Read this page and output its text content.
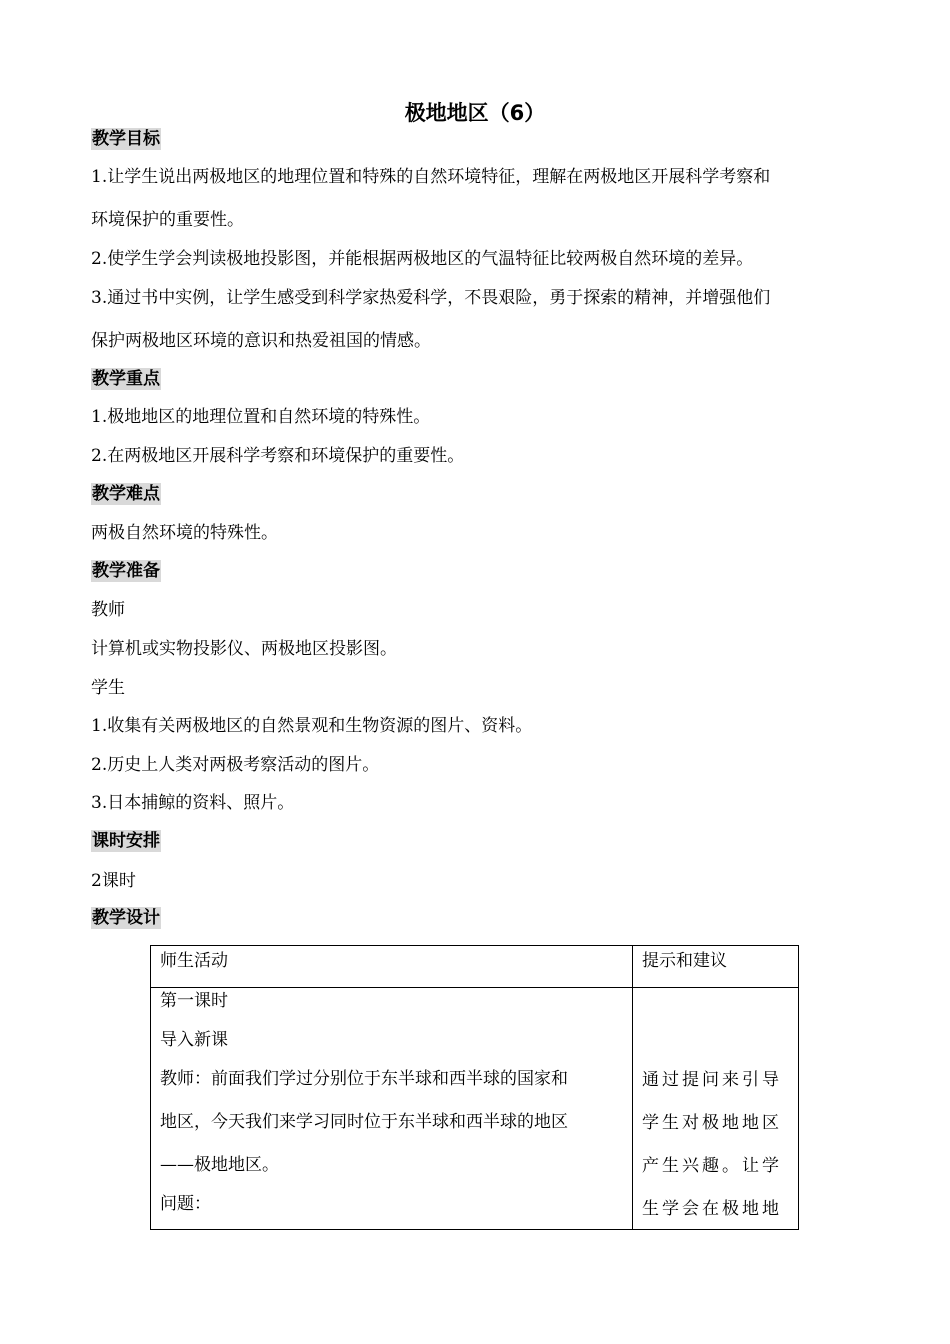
极地地区（6）
教学目标
1.让学生说出两极地区的地理位置和特殊的自然环境特征，理解在两极地区开展科学考察和
环境保护的重要性。
2.使学生学会判读极地投影图，并能根据两极地区的气温特征比较两极自然环境的差异。
3.通过书中实例，让学生感受到科学家热爱科学，不畏艰险，勇于探索的精神，并增强他们
保护两极地区环境的意识和热爱祖国的情感。
教学重点
1.极地地区的地理位置和自然环境的特殊性。
2.在两极地区开展科学考察和环境保护的重要性。
教学难点
两极自然环境的特殊性。
教学准备
教师
计算机或实物投影仪、两极地区投影图。
学生
1.收集有关两极地区的自然景观和生物资源的图片、资料。
2.历史上人类对两极考察活动的图片。
3.日本捕鲸的资料、照片。
课时安排
2课时
教学设计
师生活动	提示和建议
第一课时
导入新课
教师：前面我们学过分别位于东半球和西半球的国家和
地区，今天我们来学习同时位于东半球和西半球的地区
——极地地区。
问题：
通过提问来引导
学生对极地地区
产生兴趣。让学
生学会在极地地
